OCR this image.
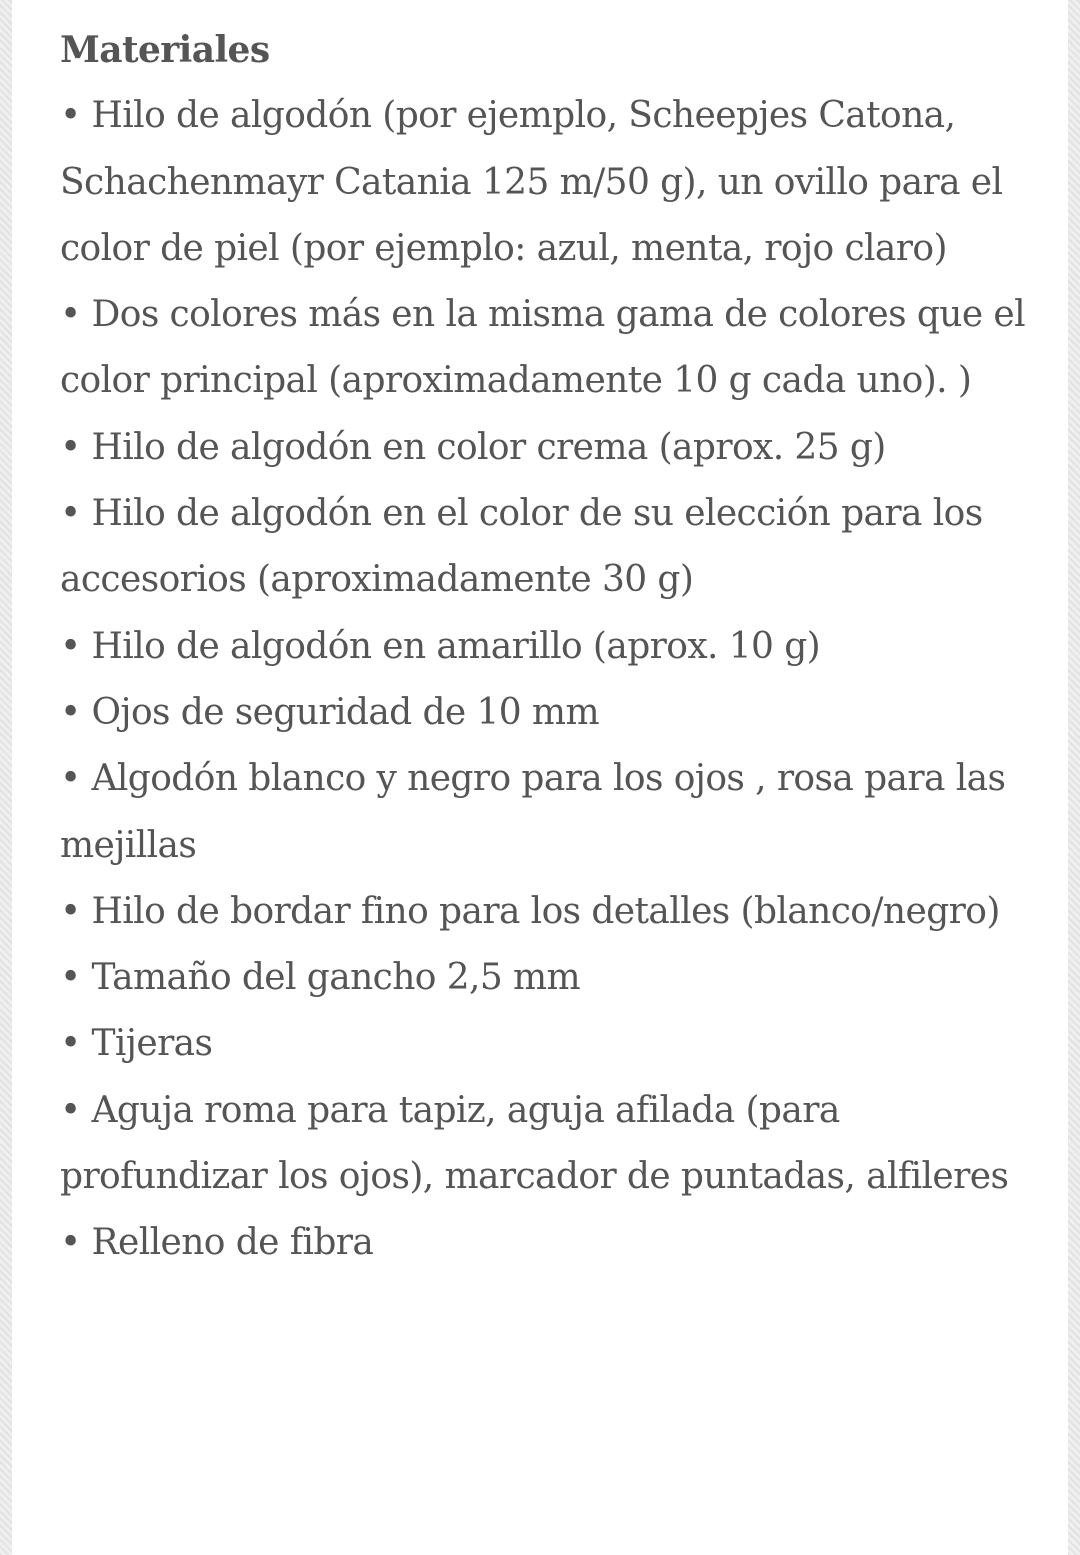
Materiales
• Hilo de algodón (por ejemplo, Scheepjes Catona, Schachenmayr Catania 125 m/50 g), un ovillo para el color de piel (por ejemplo: azul, menta, rojo claro)
• Dos colores más en la misma gama de colores que el color principal (aproximadamente 10 g cada uno). )
• Hilo de algodón en color crema (aprox. 25 g)
• Hilo de algodón en el color de su elección para los accesorios (aproximadamente 30 g)
• Hilo de algodón en amarillo (aprox. 10 g)
• Ojos de seguridad de 10 mm
• Algodón blanco y negro para los ojos , rosa para las mejillas
• Hilo de bordar fino para los detalles (blanco/negro)
• Tamaño del gancho 2,5 mm
• Tijeras
• Aguja roma para tapiz, aguja afilada (para profundizar los ojos), marcador de puntadas, alfileres
• Relleno de fibra
